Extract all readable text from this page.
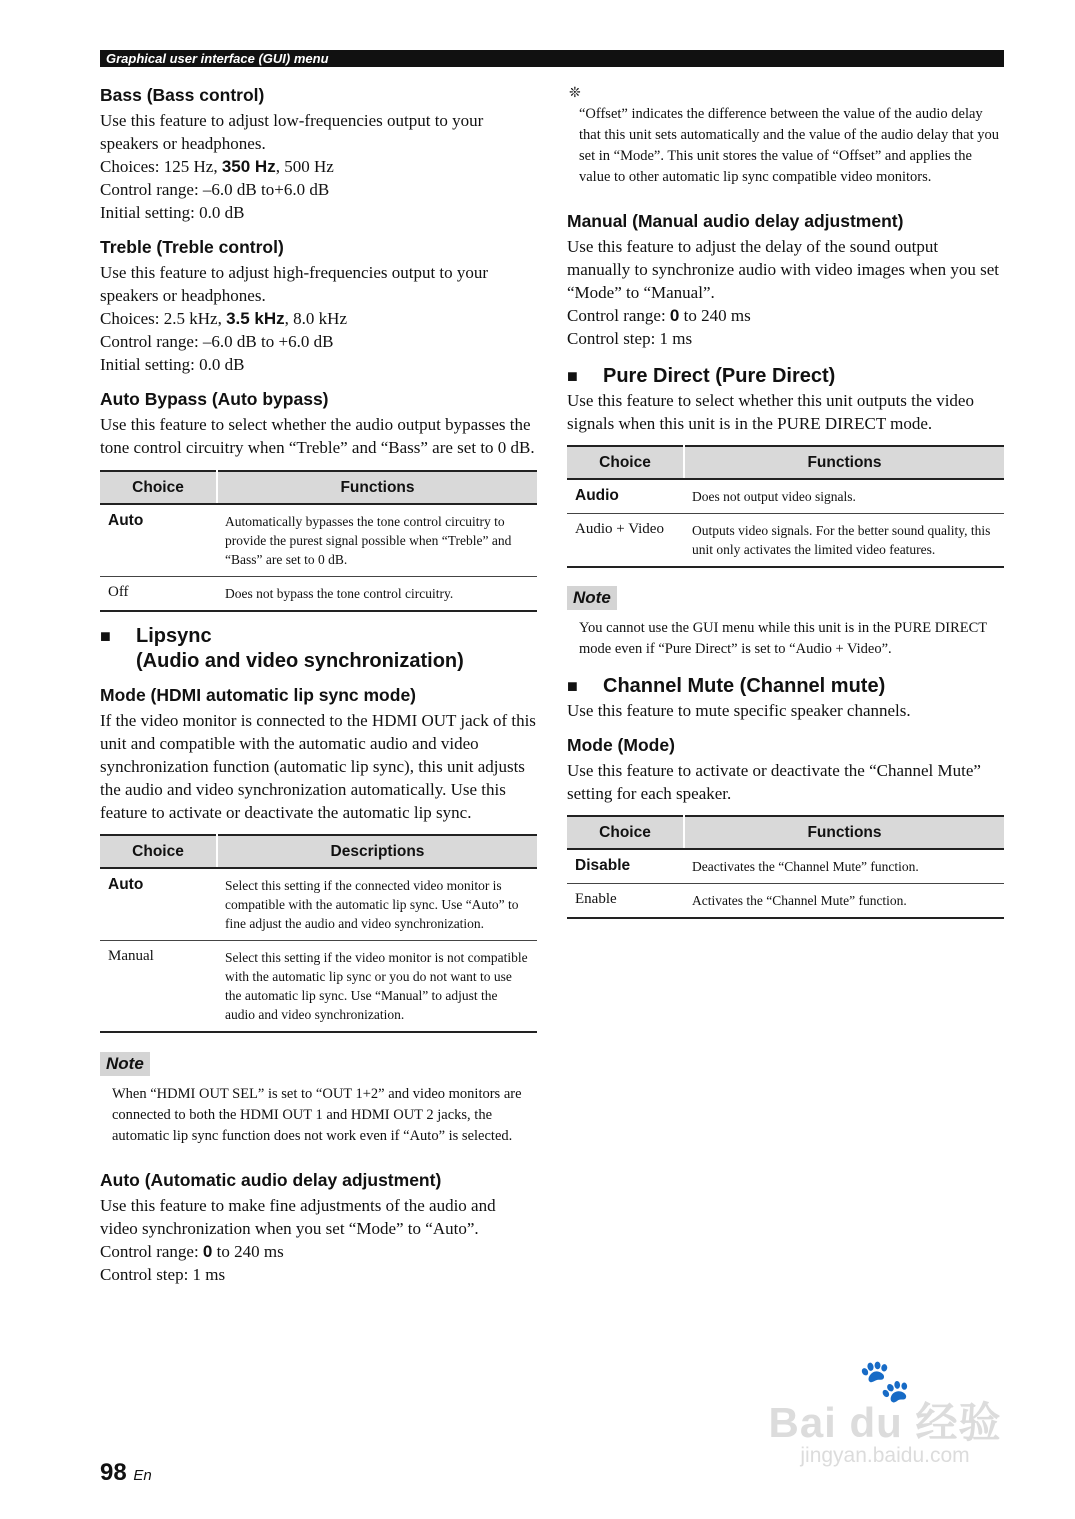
Graphical user interface (GUI) menu
Bass (Bass control)

Use this feature to adjust low-frequencies output to your speakers or headphones.

Choices: 125 Hz, 350 Hz, 500 Hz

Control range: –6.0 dB to+6.0 dB

Initial setting: 0.0 dB

Treble (Treble control)

Use this feature to adjust high-frequencies output to your speakers or headphones.

Choices: 2.5 kHz, 3.5 kHz, 8.0 kHz

Control range: –6.0 dB to +6.0 dB

Initial setting: 0.0 dB

Auto Bypass (Auto bypass)

Use this feature to select whether the audio output bypasses the tone control circuitry when “Treble” and “Bass” are set to 0 dB.

Choice	Functions
Auto	Automatically bypasses the tone control circuitry to provide the purest signal possible when “Treble” and “Bass” are set to 0 dB.
Off	Does not bypass the tone control circuitry.
■ Lipsync
(Audio and video synchronization)
Mode (HDMI automatic lip sync mode)

If the video monitor is connected to the HDMI OUT jack of this unit and compatible with the automatic audio and video synchronization function (automatic lip sync), this unit adjusts the audio and video synchronization automatically. Use this feature to activate or deactivate the automatic lip sync.

Choice	Descriptions
Auto	Select this setting if the connected video monitor is compatible with the automatic lip sync. Use “Auto” to fine adjust the audio and video synchronization.
Manual	Select this setting if the video monitor is not compatible with the automatic lip sync or you do not want to use the automatic lip sync. Use “Manual” to adjust the audio and video synchronization.
Note

When “HDMI OUT SEL” is set to “OUT 1+2” and video monitors are connected to both the HDMI OUT 1 and HDMI OUT 2 jacks, the automatic lip sync function does not work even if “Auto” is selected.

Auto (Automatic audio delay adjustment)

Use this feature to make fine adjustments of the audio and video synchronization when you set “Mode” to “Auto”.

Control range: 0 to 240 ms

Control step: 1 ms

❊

“Offset” indicates the difference between the value of the audio delay that this unit sets automatically and the value of the audio delay that you set in “Mode”. This unit stores the value of “Offset” and applies the value to other automatic lip sync compatible video monitors.

Manual (Manual audio delay adjustment)

Use this feature to adjust the delay of the sound output manually to synchronize audio with video images when you set “Mode” to “Manual”.

Control range: 0 to 240 ms

Control step: 1 ms

■ Pure Direct (Pure Direct)

Use this feature to select whether this unit outputs the video signals when this unit is in the PURE DIRECT mode.

Choice	Functions
Audio	Does not output video signals.
Audio + Video	Outputs video signals. For the better sound quality, this unit only activates the limited video features.
Note

You cannot use the GUI menu while this unit is in the PURE DIRECT mode even if “Pure Direct” is set to “Audio + Video”.

■ Channel Mute (Channel mute)

Use this feature to mute specific speaker channels.

Mode (Mode)

Use this feature to activate or deactivate the “Channel Mute” setting for each speaker.

Choice	Functions
Disable	Deactivates the “Channel Mute” function.
Enable	Activates the “Channel Mute” function.
98 En
🐾
Bai du 经验
jingyan.baidu.com
